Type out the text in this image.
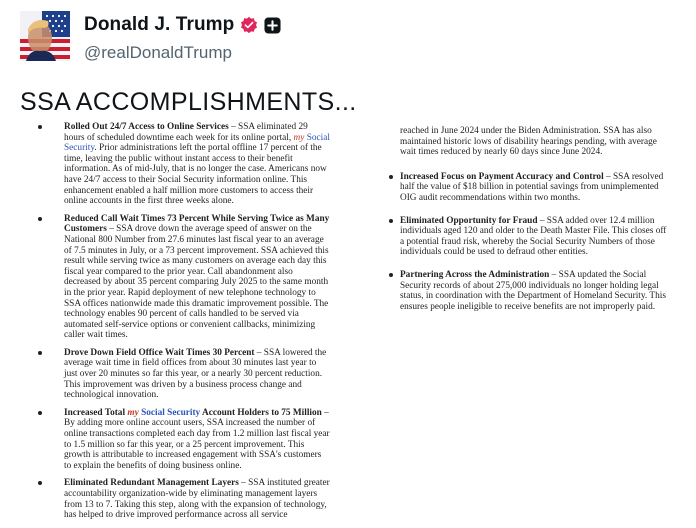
Donald J. Trump
@realDonaldTrump
SSA ACCOMPLISHMENTS...
Rolled Out 24/7 Access to Online Services – SSA eliminated 29 hours of scheduled downtime each week for its online portal, my Social Security. Prior administrations left the portal offline 17 percent of the time, leaving the public without instant access to their benefit information. As of mid-July, that is no longer the case. Americans now have 24/7 access to their Social Security information online. This enhancement enabled a half million more customers to access their online accounts in the first three weeks alone.
Reduced Call Wait Times 73 Percent While Serving Twice as Many Customers – SSA drove down the average speed of answer on the National 800 Number from 27.6 minutes last fiscal year to an average of 7.5 minutes in July, or a 73 percent improvement. SSA achieved this result while serving twice as many customers on average each day this fiscal year compared to the prior year. Call abandonment also decreased by about 35 percent comparing July 2025 to the same month in the prior year. Rapid deployment of new telephone technology to SSA offices nationwide made this dramatic improvement possible. The technology enables 90 percent of calls handled to be served via automated self-service options or convenient callbacks, minimizing caller wait times.
Drove Down Field Office Wait Times 30 Percent – SSA lowered the average wait time in field offices from about 30 minutes last year to just over 20 minutes so far this year, or a nearly 30 percent reduction. This improvement was driven by a business process change and technological innovation.
Increased Total my Social Security Account Holders to 75 Million – By adding more online account users, SSA increased the number of online transactions completed each day from 1.2 million last fiscal year to 1.5 million so far this year, or a 25 percent improvement. This growth is attributable to increased engagement with SSA's customers to explain the benefits of doing business online.
Eliminated Redundant Management Layers – SSA instituted greater accountability organization-wide by eliminating management layers from 13 to 7. Taking this step, along with the expansion of technology, has helped to drive improved performance across all service
reached in June 2024 under the Biden Administration. SSA has also maintained historic lows of disability hearings pending, with average wait times reduced by nearly 60 days since June 2024.
Increased Focus on Payment Accuracy and Control – SSA resolved half the value of $18 billion in potential savings from unimplemented OIG audit recommendations within two months.
Eliminated Opportunity for Fraud – SSA added over 12.4 million individuals aged 120 and older to the Death Master File. This closes off a potential fraud risk, whereby the Social Security Numbers of those individuals could be used to defraud other entities.
Partnering Across the Administration – SSA updated the Social Security records of about 275,000 individuals no longer holding legal status, in coordination with the Department of Homeland Security. This ensures people ineligible to receive benefits are not improperly paid.
